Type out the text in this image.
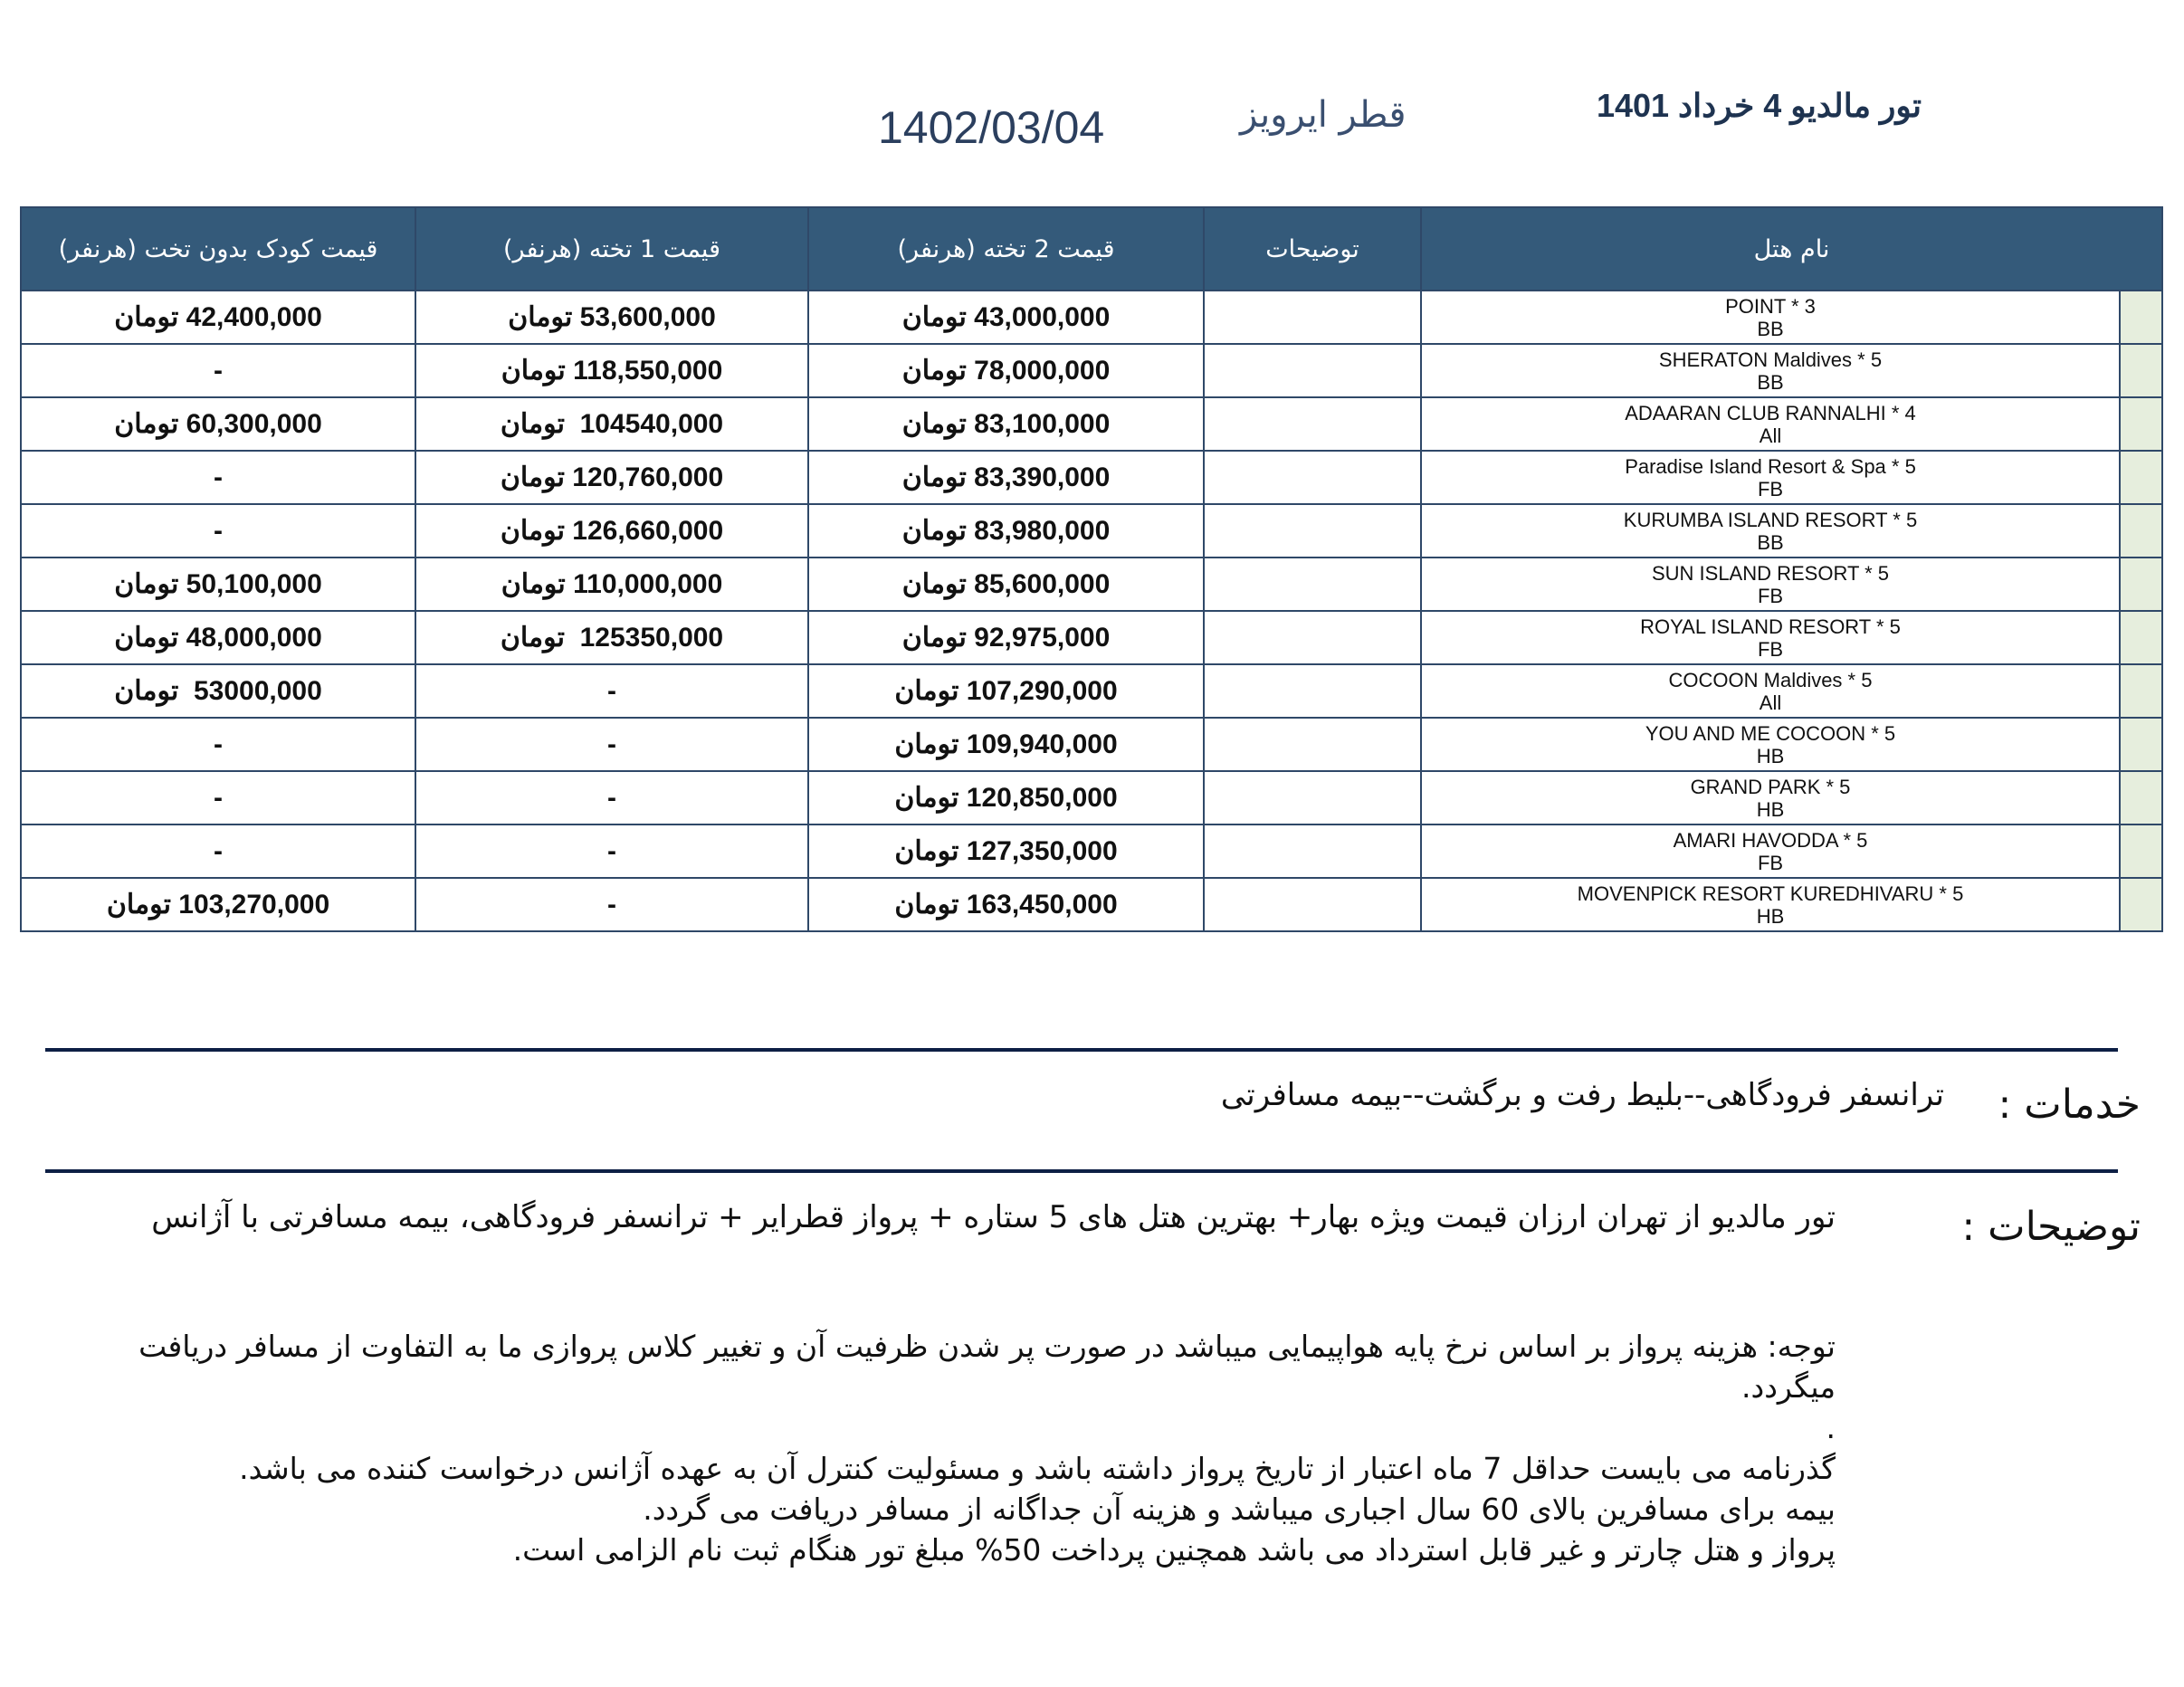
تور مالدیو 4 خرداد 1401
قطر ایرویز
1402/03/04
قیمت کودک بدون تخت (هرنفر)	قیمت 1 تخته (هرنفر)	قیمت 2 تخته (هرنفر)	توضیحات	نام هتل	
42,400,000 تومان	53,600,000 تومان	43,000,000 تومان		POINT * 3
BB	

-	118,550,000 تومان	78,000,000 تومان		SHERATON Maldives * 5
BB	

60,300,000 تومان	104540,000  تومان	83,100,000 تومان		ADAARAN CLUB RANNALHI * 4
All	

-	120,760,000 تومان	83,390,000 تومان		Paradise Island Resort & Spa * 5
FB	

-	126,660,000 تومان	83,980,000 تومان		KURUMBA ISLAND RESORT * 5
BB	

50,100,000 تومان	110,000,000 تومان	85,600,000 تومان		SUN ISLAND RESORT * 5
FB	

48,000,000 تومان	125350,000  تومان	92,975,000 تومان		ROYAL ISLAND RESORT * 5
FB	

53000,000  تومان	-	107,290,000 تومان		COCOON Maldives * 5
All	

-	-	109,940,000 تومان		YOU AND ME COCOON * 5
HB	

-	-	120,850,000 تومان		GRAND PARK * 5
HB	

-	-	127,350,000 تومان		AMARI HAVODDA * 5
FB	

103,270,000 تومان	-	163,450,000 تومان		MOVENPICK RESORT KUREDHIVARU * 5
HB	

خدمات :
ترانسفر فرودگاهی--بلیط رفت و برگشت--بیمه مسافرتی
توضیحات :
تور مالدیو از تهران ارزان قیمت ویژه بهار+ بهترین هتل های 5 ستاره + پرواز قطرایر + ترانسفر فرودگاهی، بیمه مسافرتی با آژانس

توجه: هزینه پرواز بر اساس نرخ پایه هواپیمایی میباشد در صورت پر شدن ظرفیت آن و تغییر کلاس پروازی ما به التفاوت از مسافر دریافت میگردد.

.

گذرنامه می بایست حداقل 7 ماه اعتبار از تاریخ پرواز داشته باشد و مسئولیت کنترل آن به عهده آژانس درخواست کننده می باشد.

بیمه برای مسافرین بالای 60 سال اجباری میباشد و هزینه آن جداگانه از مسافر دریافت می گردد.

پرواز و هتل چارتر و غیر قابل استرداد می باشد همچنین پرداخت 50% مبلغ تور هنگام ثبت نام الزامی است.
